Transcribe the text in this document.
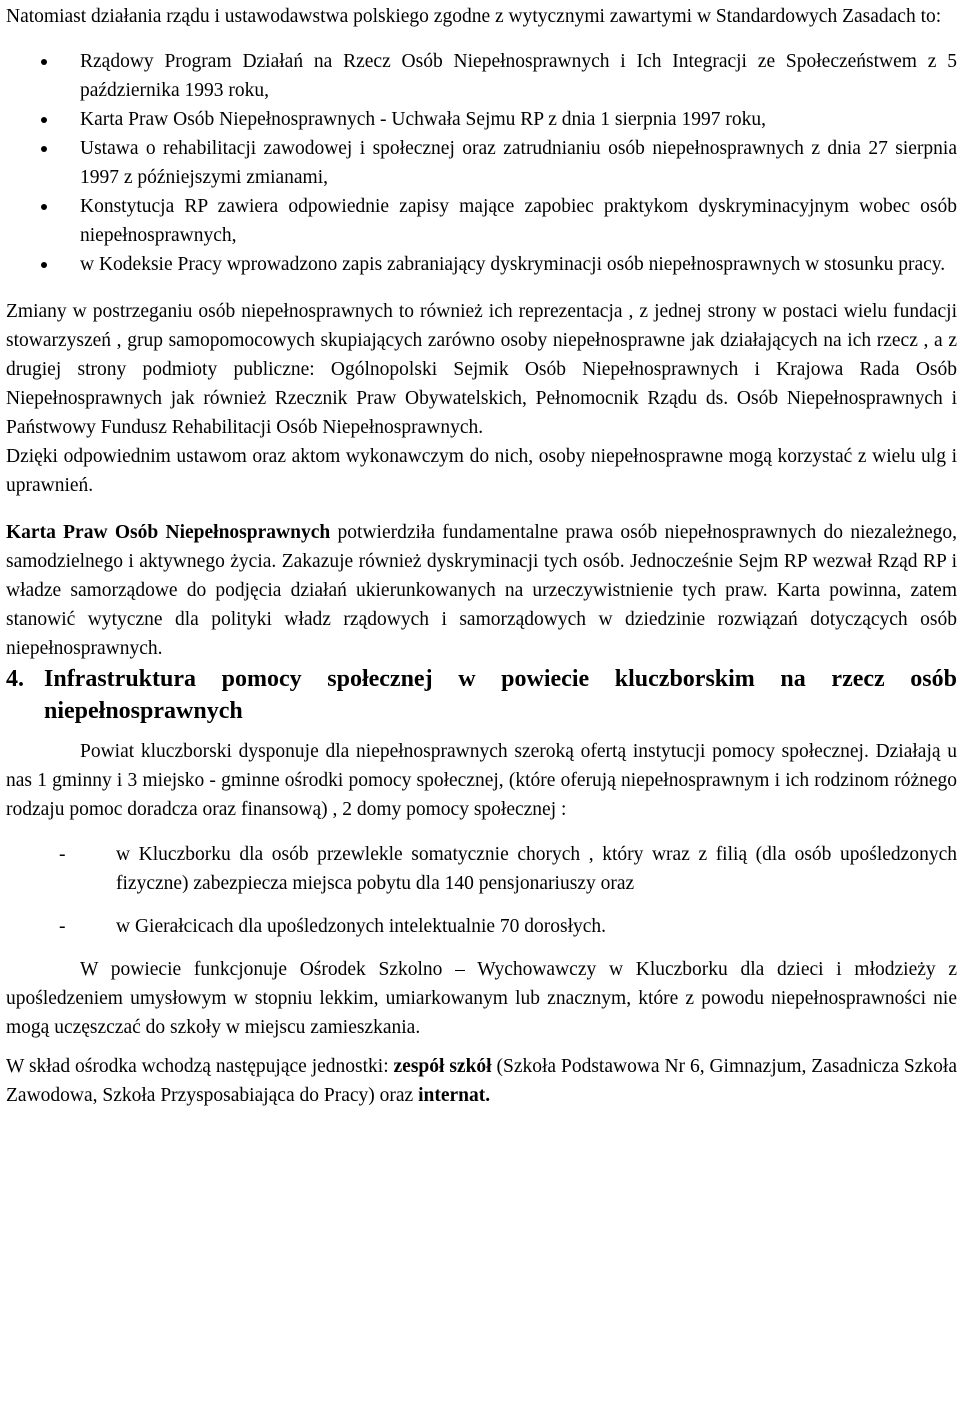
Natomiast działania rządu i ustawodawstwa polskiego zgodne z wytycznymi zawartymi w Standardowych Zasadach to:

Rządowy Program Działań na Rzecz Osób Niepełnosprawnych i Ich Integracji ze Społeczeństwem z 5 października 1993 roku,
Karta Praw Osób Niepełnosprawnych - Uchwała Sejmu RP z dnia 1 sierpnia 1997 roku,
Ustawa o rehabilitacji zawodowej i społecznej oraz zatrudnianiu osób niepełnosprawnych z dnia 27 sierpnia 1997 z późniejszymi zmianami,
Konstytucja RP zawiera odpowiednie zapisy mające zapobiec praktykom dyskryminacyjnym wobec osób niepełnosprawnych,
w Kodeksie Pracy wprowadzono zapis zabraniający dyskryminacji osób niepełnosprawnych w stosunku pracy.

Zmiany w postrzeganiu osób niepełnosprawnych to również ich reprezentacja , z jednej strony w postaci wielu fundacji stowarzyszeń , grup samopomocowych skupiających zarówno osoby niepełnosprawne jak działających na ich rzecz , a z drugiej strony podmioty publiczne: Ogólnopolski Sejmik Osób Niepełnosprawnych i Krajowa Rada Osób Niepełnosprawnych jak również Rzecznik Praw Obywatelskich, Pełnomocnik Rządu ds. Osób Niepełnosprawnych i Państwowy Fundusz Rehabilitacji Osób Niepełnosprawnych.

Dzięki odpowiednim ustawom oraz aktom wykonawczym do nich, osoby niepełnosprawne mogą korzystać z wielu ulg i uprawnień.

Karta Praw Osób Niepełnosprawnych potwierdziła fundamentalne prawa osób niepełnosprawnych do niezależnego, samodzielnego i aktywnego życia. Zakazuje również dyskryminacji tych osób. Jednocześnie Sejm RP wezwał Rząd RP i władze samorządowe do podjęcia działań ukierunkowanych na urzeczywistnienie tych praw. Karta powinna, zatem stanowić wytyczne dla polityki władz rządowych i samorządowych w dziedzinie rozwiązań dotyczących osób niepełnosprawnych.

4. Infrastruktura pomocy społecznej w powiecie kluczborskim na rzecz osób niepełnosprawnych

Powiat kluczborski dysponuje dla niepełnosprawnych szeroką ofertą instytucji pomocy społecznej. Działają u nas 1 gminny i 3 miejsko - gminne ośrodki pomocy społecznej, (które oferują niepełnosprawnym i ich rodzinom różnego rodzaju pomoc doradcza oraz finansową) , 2 domy pomocy społecznej :

- w Kluczborku dla osób przewlekle somatycznie chorych , który wraz z filią (dla osób upośledzonych fizyczne) zabezpiecza miejsca pobytu dla 140 pensjonariuszy oraz
- w Gierałcicach dla upośledzonych intelektualnie 70 dorosłych.

W powiecie funkcjonuje Ośrodek Szkolno – Wychowawczy w Kluczborku dla dzieci i młodzieży z upośledzeniem umysłowym w stopniu lekkim, umiarkowanym lub znacznym, które z powodu niepełnosprawności nie mogą uczęszczać do szkoły w miejscu zamieszkania.

W skład ośrodka wchodzą następujące jednostki: zespół szkół (Szkoła Podstawowa Nr 6, Gimnazjum, Zasadnicza Szkoła Zawodowa, Szkoła Przysposabiająca do Pracy) oraz internat.
